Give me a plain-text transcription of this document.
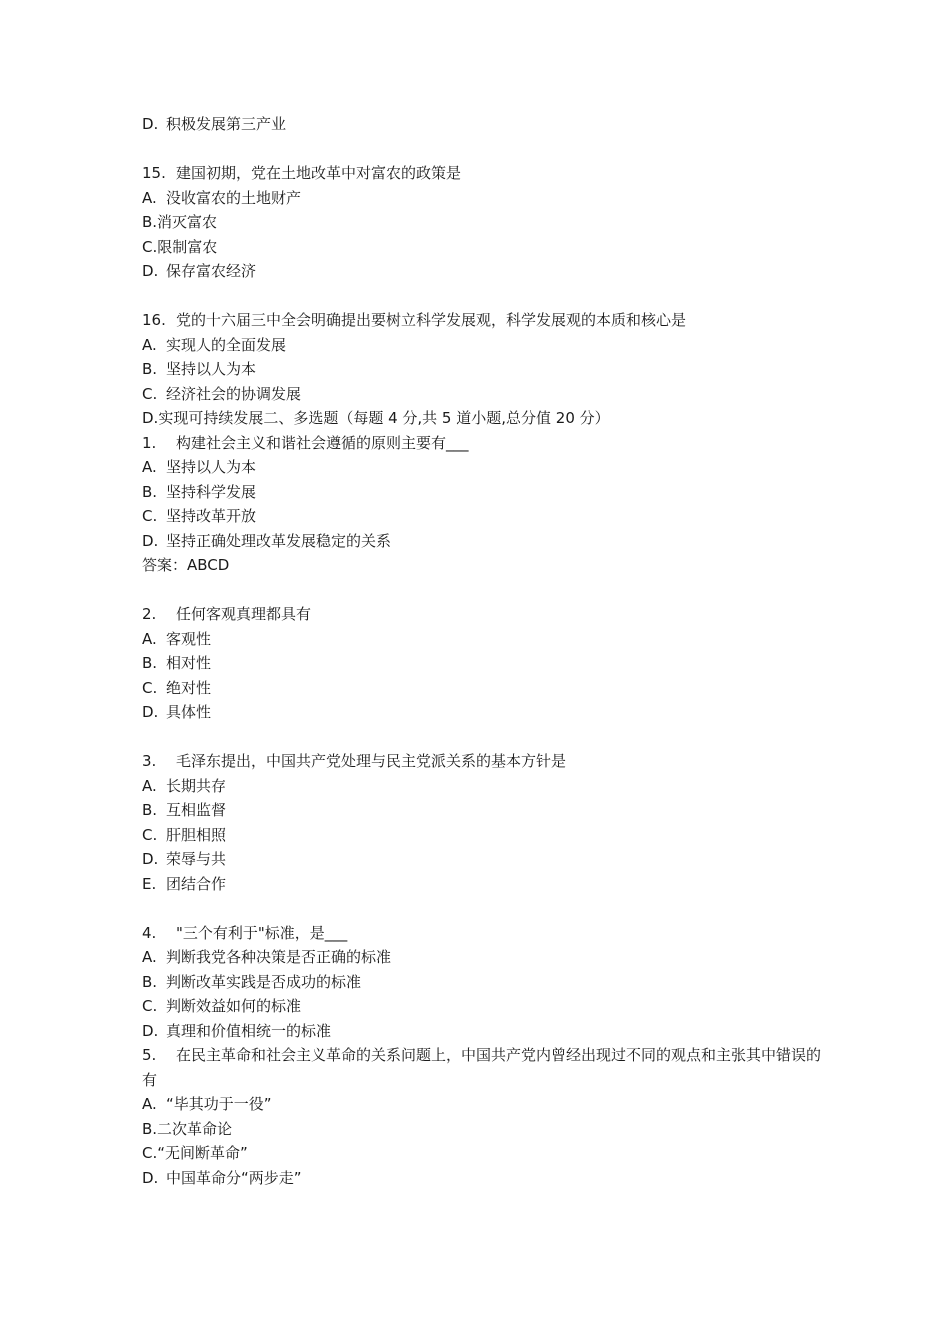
D. 积极发展第三产业
15. 建国初期，党在土地改革中对富农的政策是
A. 没收富农的土地财产
B.消灭富农
C.限制富农
D. 保存富农经济
16. 党的十六届三中全会明确提出要树立科学发展观，科学发展观的本质和核心是
A. 实现人的全面发展
B. 坚持以人为本
C. 经济社会的协调发展
D.实现可持续发展二、多选题（每题 4 分,共 5 道小题,总分值 20 分）
1. 构建社会主义和谐社会遵循的原则主要有___
A. 坚持以人为本
B. 坚持科学发展
C. 坚持改革开放
D. 坚持正确处理改革发展稳定的关系
答案：ABCD
2. 任何客观真理都具有
A. 客观性
B. 相对性
C. 绝对性
D. 具体性
3. 毛泽东提出，中国共产党处理与民主党派关系的基本方针是
A. 长期共存
B. 互相监督
C. 肝胆相照
D. 荣辱与共
E. 团结合作
4. "三个有利于"标准，是___
A. 判断我党各种决策是否正确的标准
B. 判断改革实践是否成功的标准
C. 判断效益如何的标准
D. 真理和价值相统一的标准
5. 在民主革命和社会主义革命的关系问题上，中国共产党内曾经出现过不同的观点和主张其中错误的有
A. “毕其功于一役”
B.二次革命论
C.“无间断革命”
D. 中国革命分“两步走”
